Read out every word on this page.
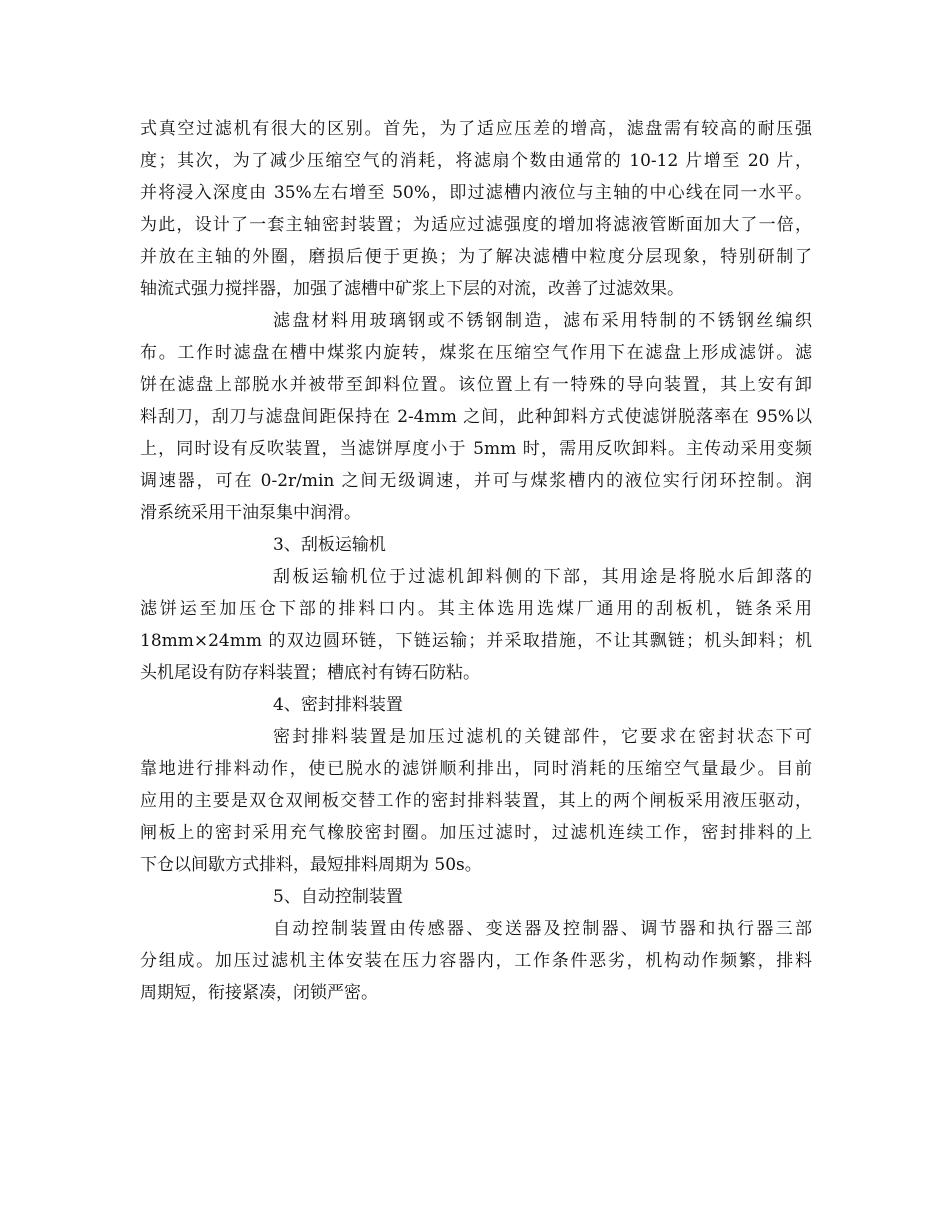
式真空过滤机有很大的区别。首先，为了适应压差的增高，滤盘需有较高的耐压强
度；其次，为了减少压缩空气的消耗，将滤扇个数由通常的 10-12 片增至 20 片，
并将浸入深度由 35%左右增至 50%，即过滤槽内液位与主轴的中心线在同一水平。
为此，设计了一套主轴密封装置；为适应过滤强度的增加将滤液管断面加大了一倍，
并放在主轴的外圈，磨损后便于更换；为了解决滤槽中粒度分层现象，特别研制了
轴流式强力搅拌器，加强了滤槽中矿浆上下层的对流，改善了过滤效果。
滤盘材料用玻璃钢或不锈钢制造，滤布采用特制的不锈钢丝编织
布。工作时滤盘在槽中煤浆内旋转，煤浆在压缩空气作用下在滤盘上形成滤饼。滤
饼在滤盘上部脱水并被带至卸料位置。该位置上有一特殊的导向装置，其上安有卸
料刮刀，刮刀与滤盘间距保持在 2-4mm 之间，此种卸料方式使滤饼脱落率在 95%以
上，同时设有反吹装置，当滤饼厚度小于 5mm 时，需用反吹卸料。主传动采用变频
调速器，可在 0-2r/min 之间无级调速，并可与煤浆槽内的液位实行闭环控制。润
滑系统采用干油泵集中润滑。
3、刮板运输机
刮板运输机位于过滤机卸料侧的下部，其用途是将脱水后卸落的
滤饼运至加压仓下部的排料口内。其主体选用选煤厂通用的刮板机，链条采用
18mm×24mm 的双边圆环链，下链运输；并采取措施，不让其飘链；机头卸料；机
头机尾设有防存料装置；槽底衬有铸石防粘。
4、密封排料装置
密封排料装置是加压过滤机的关键部件，它要求在密封状态下可
靠地进行排料动作，使已脱水的滤饼顺利排出，同时消耗的压缩空气量最少。目前
应用的主要是双仓双闸板交替工作的密封排料装置，其上的两个闸板采用液压驱动，
闸板上的密封采用充气橡胶密封圈。加压过滤时，过滤机连续工作，密封排料的上
下仓以间歇方式排料，最短排料周期为 50s。
5、自动控制装置
自动控制装置由传感器、变送器及控制器、调节器和执行器三部
分组成。加压过滤机主体安装在压力容器内，工作条件恶劣，机构动作频繁，排料
周期短，衔接紧凑，闭锁严密。
